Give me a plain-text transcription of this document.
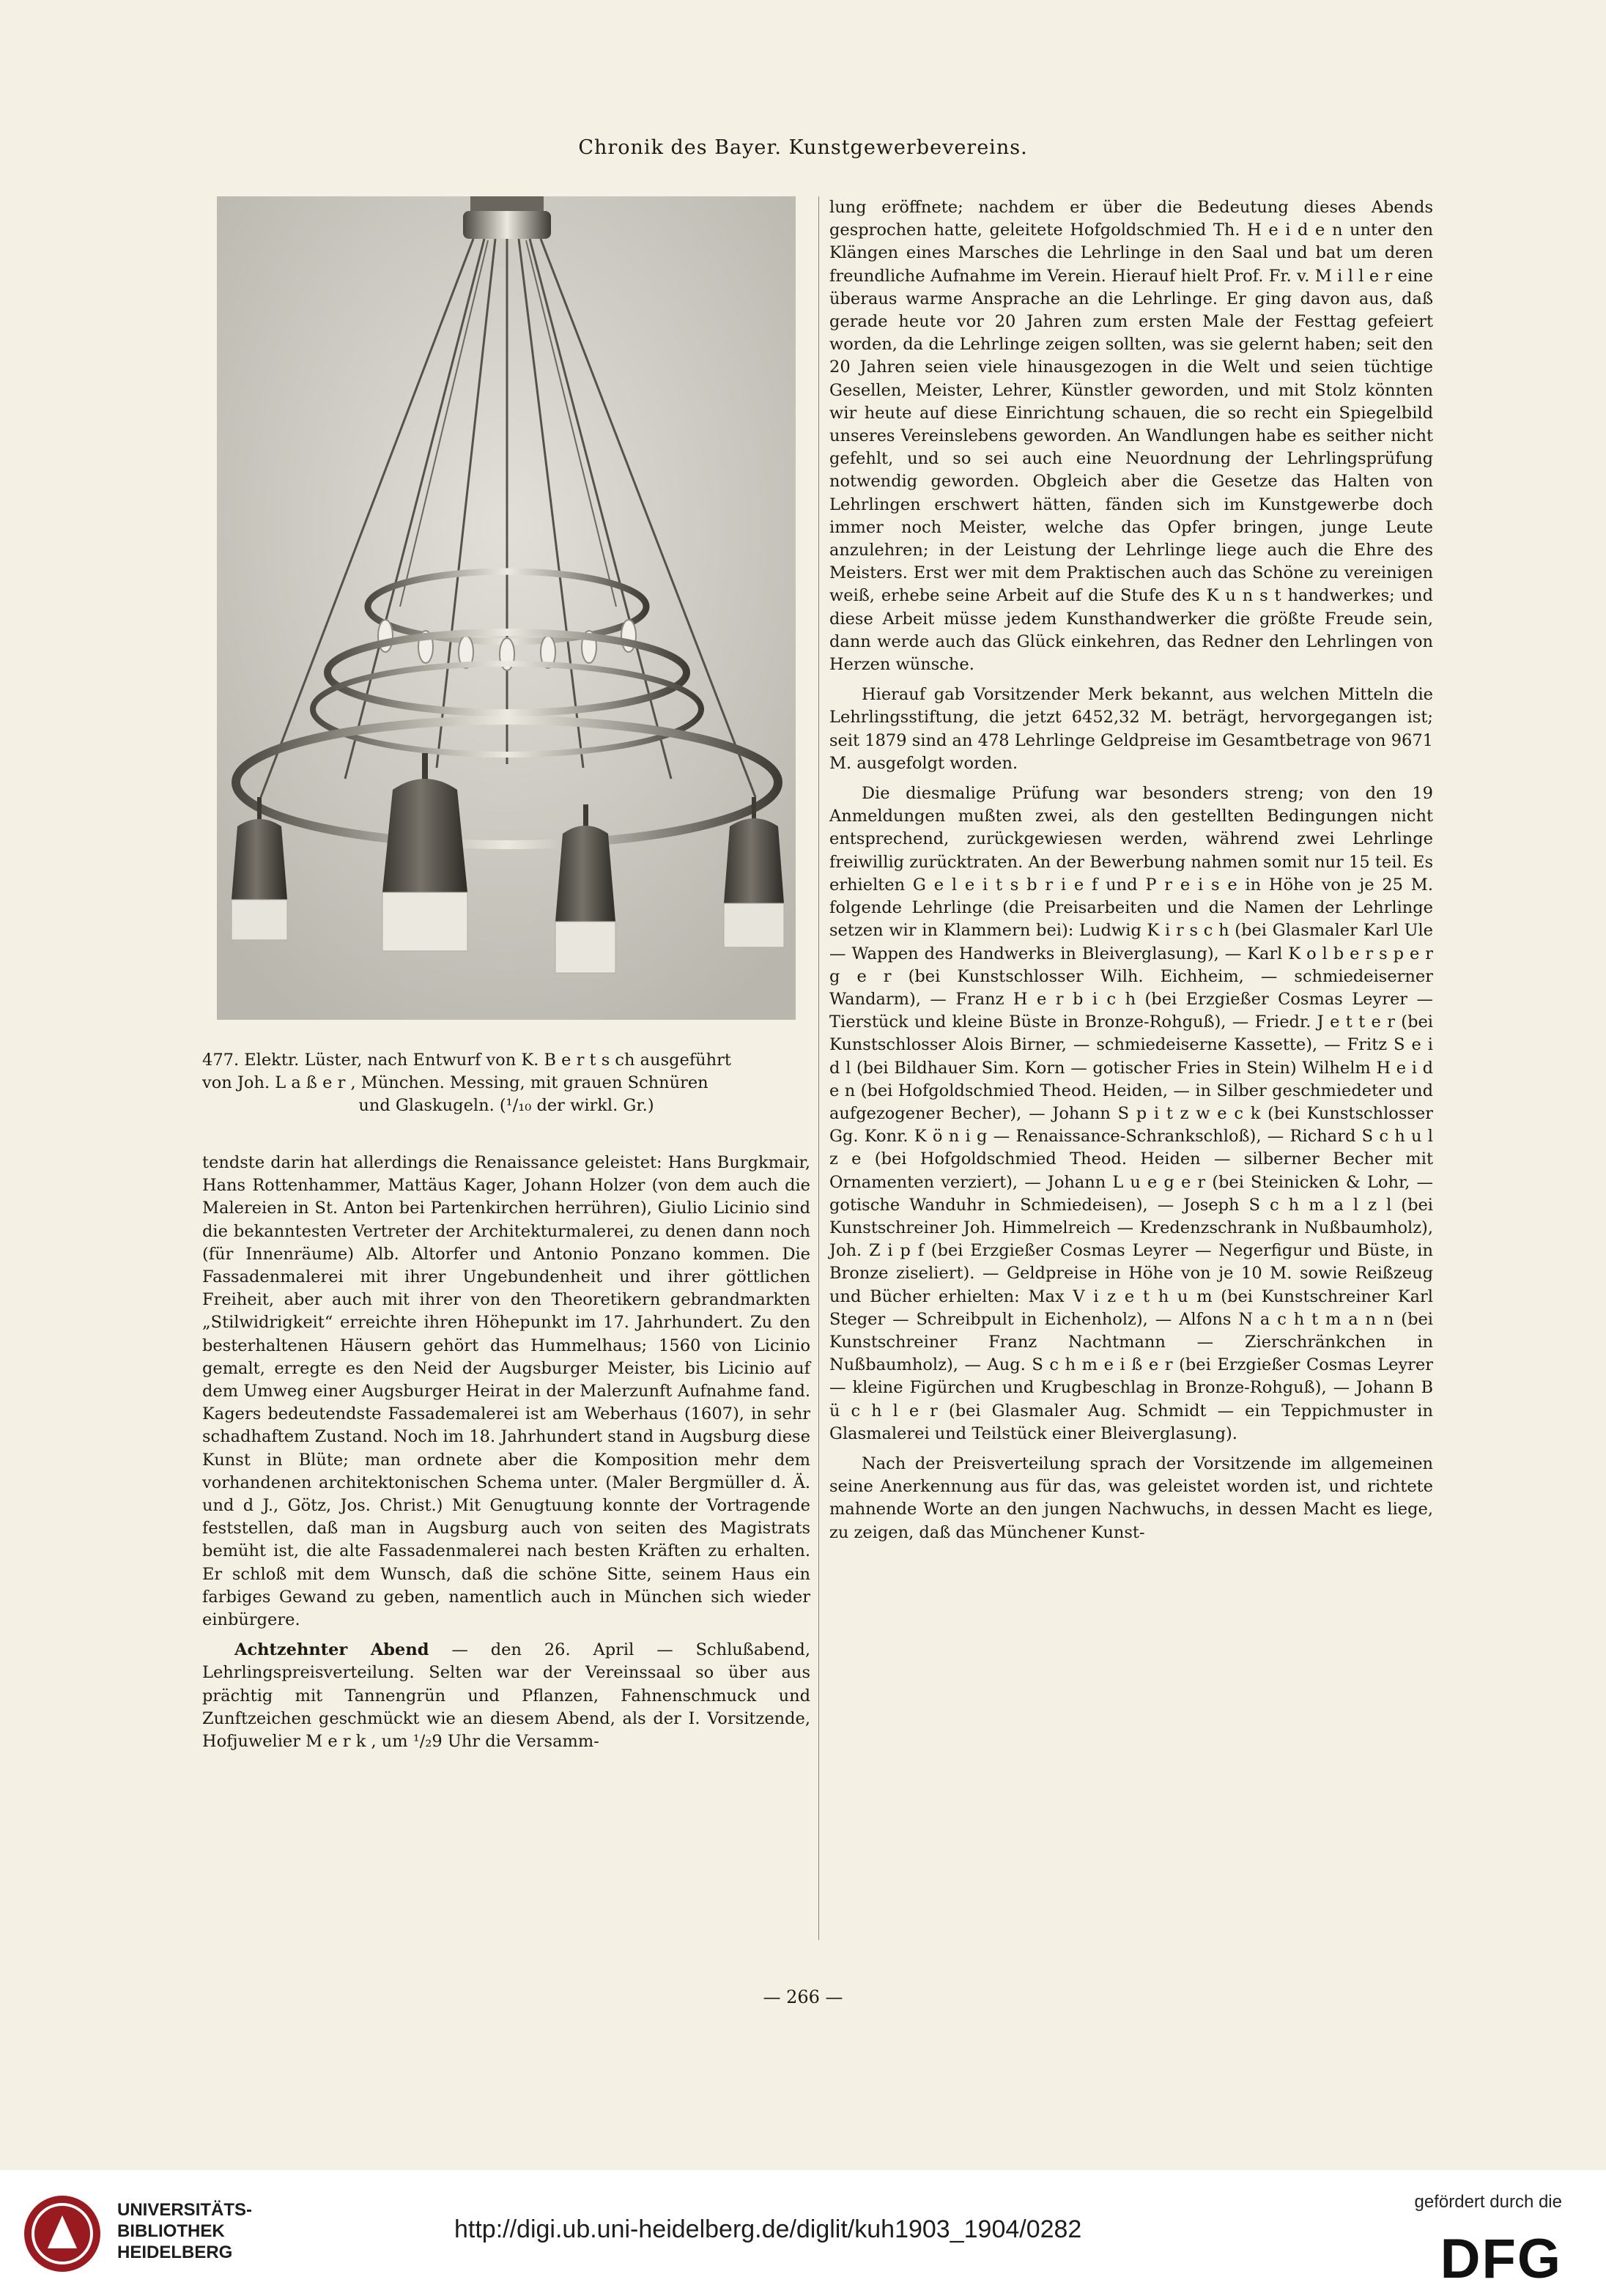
Chronik des Bayer. Kunstgewerbevereins.
477. Elektr. Lüster, nach Entwurf von K. B e r t s ch ausgeführt
von Joh. L a ß e r , München. Messing, mit grauen Schnüren

und Glaskugeln. (¹/₁₀ der wirkl. Gr.)

tendste darin hat allerdings die Renaissance geleistet: Hans Burgkmair, Hans Rottenhammer, Mattäus Kager, Johann Holzer (von dem auch die Malereien in St. Anton bei Partenkirchen herrühren), Giulio Licinio sind die bekanntesten Vertreter der Architekturmalerei, zu denen dann noch (für Innenräume) Alb. Altorfer und Antonio Ponzano kommen. Die Fassadenmalerei mit ihrer Ungebundenheit und ihrer göttlichen Freiheit, aber auch mit ihrer von den Theoretikern gebrandmarkten „Stilwidrigkeit“ erreichte ihren Höhepunkt im 17. Jahrhundert. Zu den besterhaltenen Häusern gehört das Hummelhaus; 1560 von Licinio gemalt, erregte es den Neid der Augsburger Meister, bis Licinio auf dem Umweg einer Augsburger Heirat in der Malerzunft Aufnahme fand. Kagers bedeutendste Fassademalerei ist am Weberhaus (1607), in sehr schadhaftem Zustand. Noch im 18. Jahrhundert stand in Augsburg diese Kunst in Blüte; man ordnete aber die Komposition mehr dem vorhandenen architektonischen Schema unter. (Maler Bergmüller d. Ä. und d J., Götz, Jos. Christ.) Mit Genugtuung konnte der Vortragende feststellen, daß man in Augsburg auch von seiten des Magistrats bemüht ist, die alte Fassadenmalerei nach besten Kräften zu erhalten. Er schloß mit dem Wunsch, daß die schöne Sitte, seinem Haus ein farbiges Gewand zu geben, namentlich auch in München sich wieder einbürgere.

Achtzehnter Abend — den 26. April — Schlußabend, Lehrlingspreisverteilung. Selten war der Vereinssaal so über aus prächtig mit Tannengrün und Pflanzen, Fahnenschmuck und Zunftzeichen geschmückt wie an diesem Abend, als der I. Vorsitzende, Hofjuwelier M e r k , um ¹/₂9 Uhr die Versamm-

lung eröffnete; nachdem er über die Bedeutung dieses Abends gesprochen hatte, geleitete Hofgoldschmied Th. H e i d e n unter den Klängen eines Marsches die Lehrlinge in den Saal und bat um deren freundliche Aufnahme im Verein. Hierauf hielt Prof. Fr. v. M i l l e r eine überaus warme Ansprache an die Lehrlinge. Er ging davon aus, daß gerade heute vor 20 Jahren zum ersten Male der Festtag gefeiert worden, da die Lehrlinge zeigen sollten, was sie gelernt haben; seit den 20 Jahren seien viele hinausgezogen in die Welt und seien tüchtige Gesellen, Meister, Lehrer, Künstler geworden, und mit Stolz könnten wir heute auf diese Einrichtung schauen, die so recht ein Spiegelbild unseres Vereinslebens geworden. An Wandlungen habe es seither nicht gefehlt, und so sei auch eine Neuordnung der Lehrlingsprüfung notwendig geworden. Obgleich aber die Gesetze das Halten von Lehrlingen erschwert hätten, fänden sich im Kunstgewerbe doch immer noch Meister, welche das Opfer bringen, junge Leute anzulehren; in der Leistung der Lehrlinge liege auch die Ehre des Meisters. Erst wer mit dem Praktischen auch das Schöne zu vereinigen weiß, erhebe seine Arbeit auf die Stufe des K u n s t handwerkes; und diese Arbeit müsse jedem Kunsthandwerker die größte Freude sein, dann werde auch das Glück einkehren, das Redner den Lehrlingen von Herzen wünsche.

Hierauf gab Vorsitzender Merk bekannt, aus welchen Mitteln die Lehrlingsstiftung, die jetzt 6452,32 M. beträgt, hervorgegangen ist; seit 1879 sind an 478 Lehrlinge Geldpreise im Gesamtbetrage von 9671 M. ausgefolgt worden.

Die diesmalige Prüfung war besonders streng; von den 19 Anmeldungen mußten zwei, als den gestellten Bedingungen nicht entsprechend, zurückgewiesen werden, während zwei Lehrlinge freiwillig zurücktraten. An der Bewerbung nahmen somit nur 15 teil. Es erhielten G e l e i t s b r i e f und P r e i s e in Höhe von je 25 M. folgende Lehrlinge (die Preisarbeiten und die Namen der Lehrlinge setzen wir in Klammern bei): Ludwig K i r s c h (bei Glasmaler Karl Ule — Wappen des Handwerks in Bleiverglasung), — Karl K o l b e r s p e r g e r (bei Kunstschlosser Wilh. Eichheim, — schmiedeiserner Wandarm), — Franz H e r b i c h (bei Erzgießer Cosmas Leyrer — Tierstück und kleine Büste in Bronze-Rohguß), — Friedr. J e t t e r (bei Kunstschlosser Alois Birner, — schmiedeiserne Kassette), — Fritz S e i d l (bei Bildhauer Sim. Korn — gotischer Fries in Stein) Wilhelm H e i d e n (bei Hofgoldschmied Theod. Heiden, — in Silber geschmiedeter und aufgezogener Becher), — Johann S p i t z w e c k (bei Kunstschlosser Gg. Konr. K ö n i g — Renaissance-Schrankschloß), — Richard S c h u l z e (bei Hofgoldschmied Theod. Heiden — silberner Becher mit Ornamenten verziert), — Johann L u e g e r (bei Steinicken & Lohr, — gotische Wanduhr in Schmiedeisen), — Joseph S c h m a l z l (bei Kunstschreiner Joh. Himmelreich — Kredenzschrank in Nußbaumholz), Joh. Z i p f (bei Erzgießer Cosmas Leyrer — Negerfigur und Büste, in Bronze ziseliert). — Geldpreise in Höhe von je 10 M. sowie Reißzeug und Bücher erhielten: Max V i z e t h u m (bei Kunstschreiner Karl Steger — Schreibpult in Eichenholz), — Alfons N a c h t m a n n (bei Kunstschreiner Franz Nachtmann — Zierschränkchen in Nußbaumholz), — Aug. S c h m e i ß e r (bei Erzgießer Cosmas Leyrer — kleine Figürchen und Krugbeschlag in Bronze-Rohguß), — Johann B ü c h l e r (bei Glasmaler Aug. Schmidt — ein Teppichmuster in Glasmalerei und Teilstück einer Bleiverglasung).

Nach der Preisverteilung sprach der Vorsitzende im allgemeinen seine Anerkennung aus für das, was geleistet worden ist, und richtete mahnende Worte an den jungen Nachwuchs, in dessen Macht es liege, zu zeigen, daß das Münchener Kunst-

— 266 —
UNIVERSITÄTS-
BIBLIOTHEK
HEIDELBERG
http://digi.ub.uni-heidelberg.de/diglit/kuh1903_1904/0282
gefördert durch die
DFG
